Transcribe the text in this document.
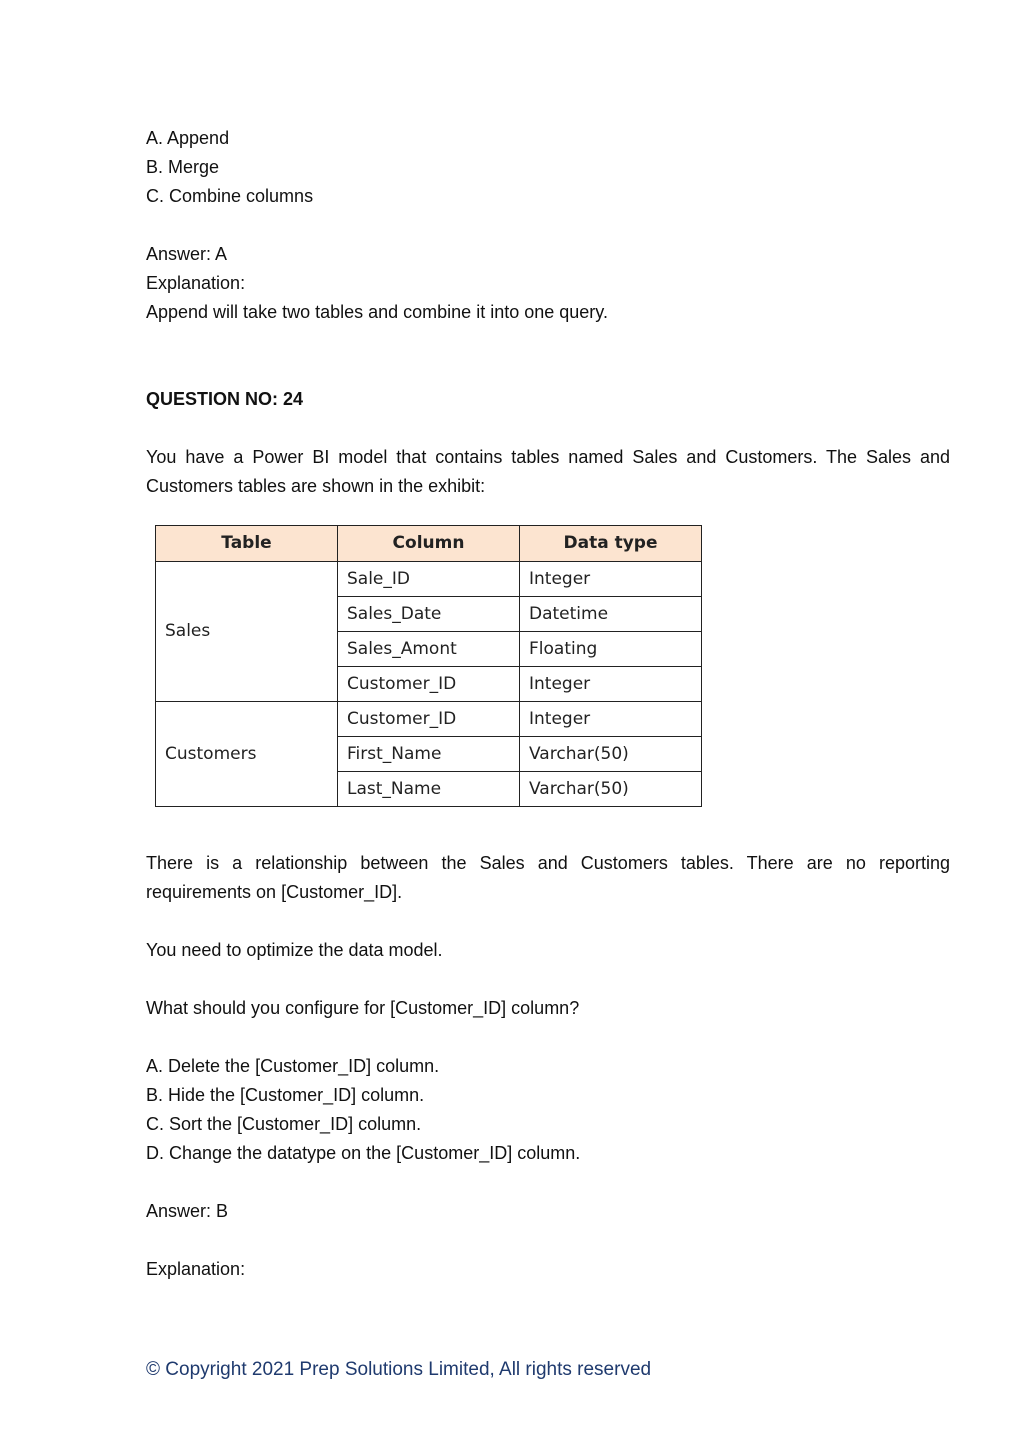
A. Append
B. Merge
C. Combine columns
Answer: A
Explanation:
Append will take two tables and combine it into one query.
QUESTION NO: 24
You have a Power BI model that contains tables named Sales and Customers. The Sales and Customers tables are shown in the exhibit:
Table	Column	Data type
Sales	Sale_ID	Integer
	Sales_Date	Datetime
	Sales_Amont	Floating
	Customer_ID	Integer
Customers	Customer_ID	Integer
	First_Name	Varchar(50)
	Last_Name	Varchar(50)
There is a relationship between the Sales and Customers tables. There are no reporting requirements on [Customer_ID].
You need to optimize the data model.
What should you configure for [Customer_ID] column?
A. Delete the [Customer_ID] column.
B. Hide the [Customer_ID] column.
C. Sort the [Customer_ID] column.
D. Change the datatype on the [Customer_ID] column.
Answer: B
Explanation:
© Copyright 2021 Prep Solutions Limited, All rights reserved
